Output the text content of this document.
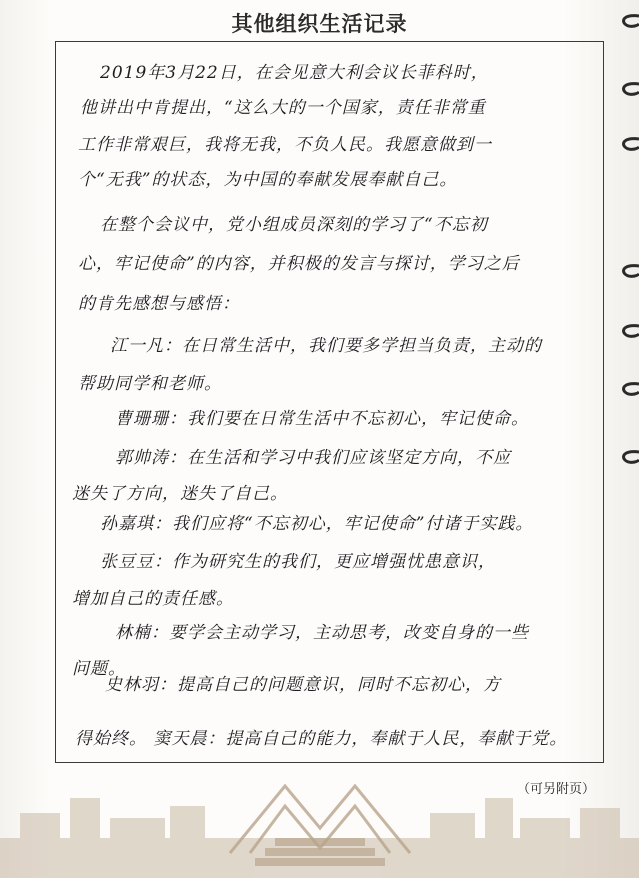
其他组织生活记录
2019年3月22日，在会见意大利会议长菲科时，
他讲出中肯提出，“这么大的一个国家，责任非常重
工作非常艰巨，我将无我，不负人民。我愿意做到一
个“无我”的状态，为中国的奉献发展奉献自己。
在整个会议中，党小组成员深刻的学习了“不忘初
心，牢记使命”的内容，并积极的发言与探讨，学习之后
的肯先感想与感悟：
江一凡：在日常生活中，我们要多学担当负责，主动的
帮助同学和老师。
曹珊珊：我们要在日常生活中不忘初心，牢记使命。
郭帅涛：在生活和学习中我们应该坚定方向，不应
迷失了方向，迷失了自己。
孙嘉琪：我们应将“不忘初心，牢记使命”付诸于实践。
张豆豆：作为研究生的我们，更应增强忧患意识，
增加自己的责任感。
林楠：要学会主动学习，主动思考，改变自身的一些
问题。
史林羽：提高自己的问题意识，同时不忘初心，方
得始终。 窦天晨：提高自己的能力，奉献于人民，奉献于党。
（可另附页）
